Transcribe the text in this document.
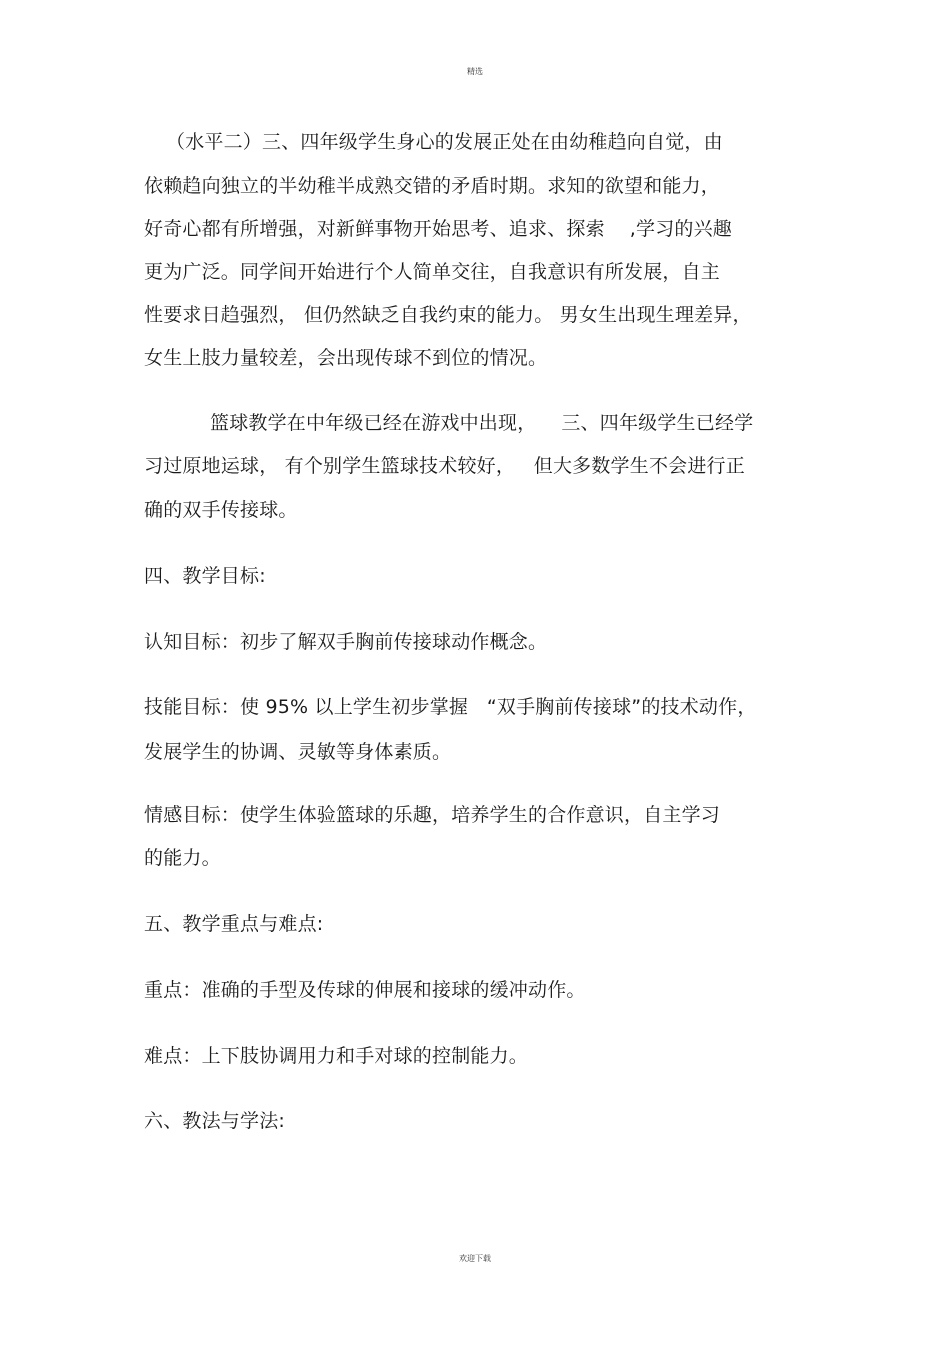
精选
（水平二）三、四年级学生身心的发展正处在由幼稚趋向自觉，由
依赖趋向独立的半幼稚半成熟交错的矛盾时期。求知的欲望和能力，
好奇心都有所增强，对新鲜事物开始思考、追求、探索    ,学习的兴趣
更为广泛。同学间开始进行个人简单交往，自我意识有所发展，自主
性要求日趋强烈， 但仍然缺乏自我约束的能力。 男女生出现生理差异，
女生上肢力量较差，会出现传球不到位的情况。
篮球教学在中年级已经在游戏中出现，    三、四年级学生已经学
习过原地运球， 有个别学生篮球技术较好，   但大多数学生不会进行正
确的双手传接球。
四、教学目标:
认知目标：初步了解双手胸前传接球动作概念。
技能目标：使 95% 以上学生初步掌握   “双手胸前传接球”的技术动作，
发展学生的协调、灵敏等身体素质。
情感目标：使学生体验篮球的乐趣，培养学生的合作意识，自主学习
的能力。
五、教学重点与难点:
重点：准确的手型及传球的伸展和接球的缓冲动作。
难点：上下肢协调用力和手对球的控制能力。
六、教法与学法:
欢迎下载
